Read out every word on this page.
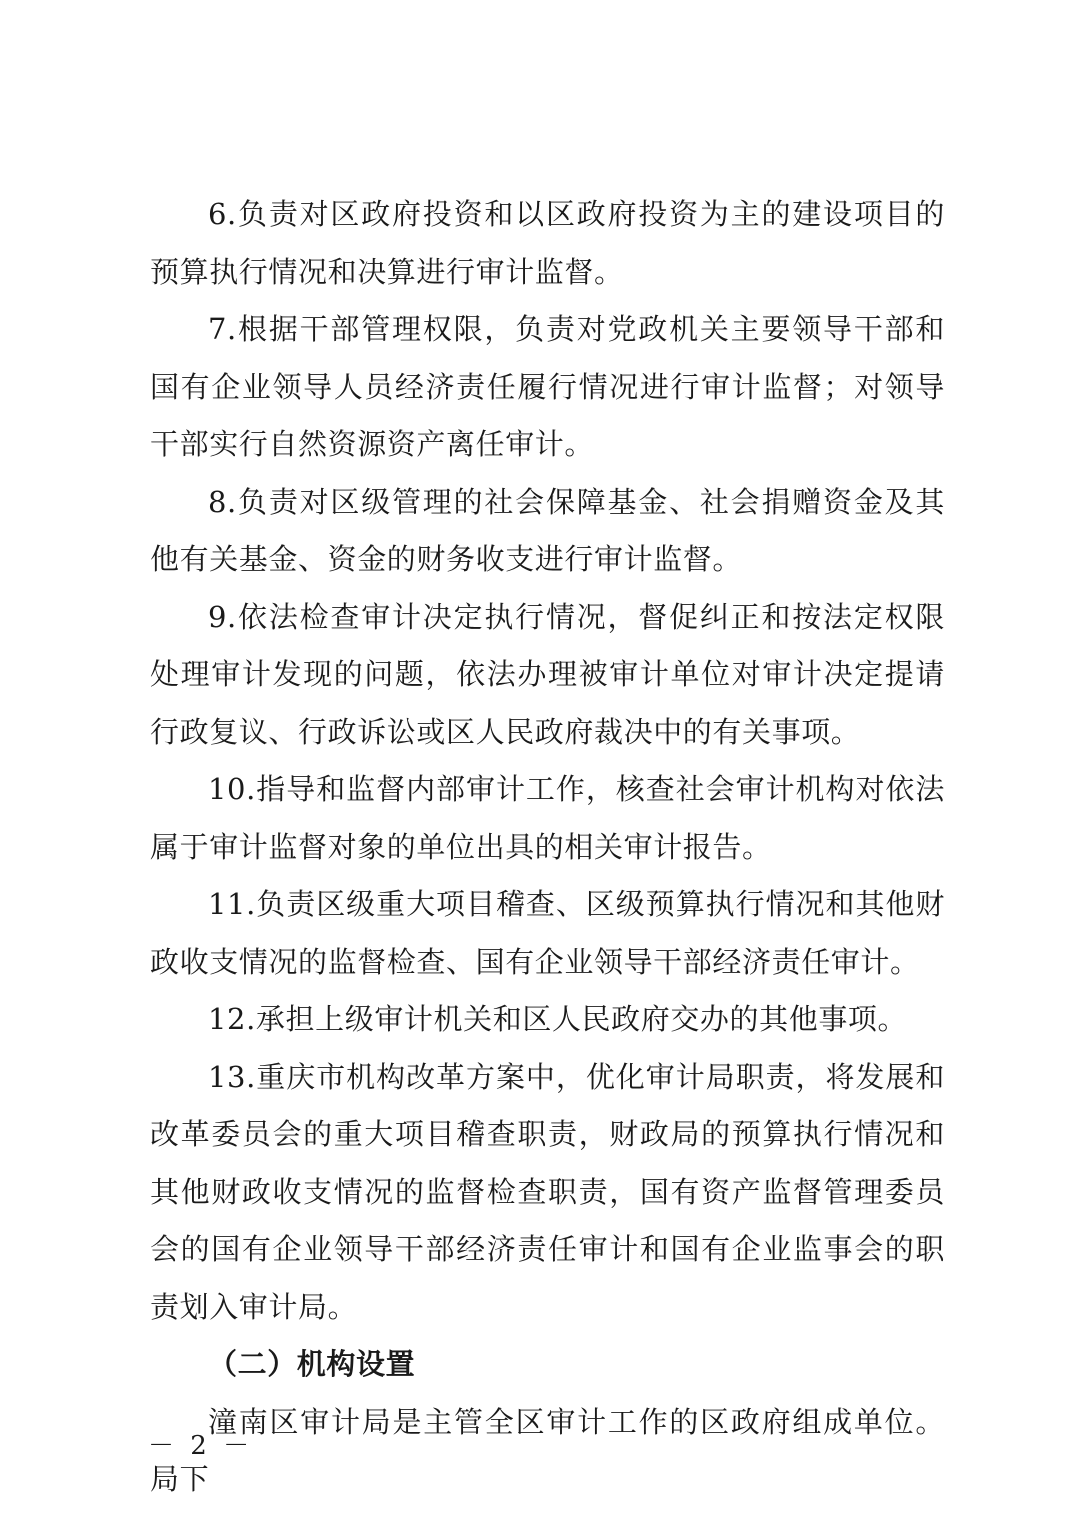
6.负责对区政府投资和以区政府投资为主的建设项目的预算执行情况和决算进行审计监督。

7.根据干部管理权限，负责对党政机关主要领导干部和国有企业领导人员经济责任履行情况进行审计监督；对领导干部实行自然资源资产离任审计。

8.负责对区级管理的社会保障基金、社会捐赠资金及其他有关基金、资金的财务收支进行审计监督。

9.依法检查审计决定执行情况，督促纠正和按法定权限处理审计发现的问题，依法办理被审计单位对审计决定提请行政复议、行政诉讼或区人民政府裁决中的有关事项。

10.指导和监督内部审计工作，核查社会审计机构对依法属于审计监督对象的单位出具的相关审计报告。

11.负责区级重大项目稽查、区级预算执行情况和其他财政收支情况的监督检查、国有企业领导干部经济责任审计。

12.承担上级审计机关和区人民政府交办的其他事项。

13.重庆市机构改革方案中，优化审计局职责，将发展和改革委员会的重大项目稽查职责，财政局的预算执行情况和其他财政收支情况的监督检查职责，国有资产监督管理委员会的国有企业领导干部经济责任审计和国有企业监事会的职责划入审计局。

（二）机构设置

潼南区审计局是主管全区审计工作的区政府组成单位。局下

－ 2 －
